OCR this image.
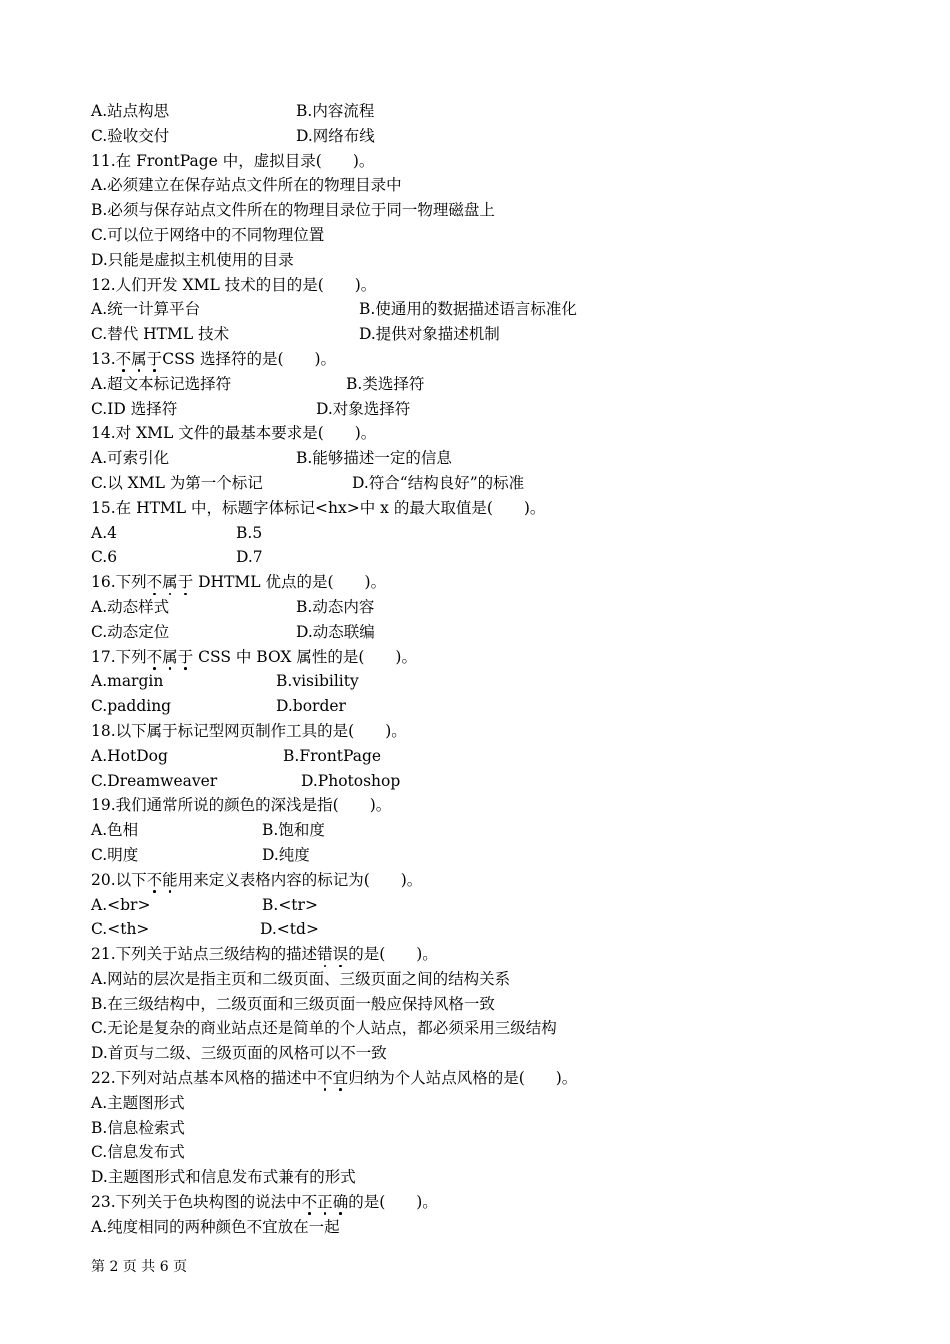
A.站点构思	B.内容流程
C.验收交付	D.网络布线
11.在 FrontPage 中，虚拟目录(　　)。
A.必须建立在保存站点文件所在的物理目录中
B.必须与保存站点文件所在的物理目录位于同一物理磁盘上
C.可以位于网络中的不同物理位置
D.只能是虚拟主机使用的目录
12.人们开发 XML 技术的目的是(　　)。
A.统一计算平台	B.使通用的数据描述语言标准化
C.替代 HTML 技术	D.提供对象描述机制
13.不
属
于
CSS 选择符的是(　　)。
A.超文本标记选择符	B.类选择符
C.ID 选择符	D.对象选择符
14.对 XML 文件的最基本要求是(　　)。
A.可索引化	B.能够描述一定的信息
C.以 XML 为第一个标记	D.符合“结构良好”的标准
15.在 HTML 中，标题字体标记<hx>中 x 的最大取值是(　　)。
A.4	B.5
C.6	D.7
16.下列不
属
于
DHTML 优点的是(　　)。
A.动态样式	B.动态内容
C.动态定位	D.动态联编
17.下列不
属
于
CSS 中 BOX 属性的是(　　)。
A.margin	B.visibility
C.padding	D.border
18.以下属于标记型网页制作工具的是(　　)。
A.HotDog	B.FrontPage
C.Dreamweaver	D.Photoshop
19.我们通常所说的颜色的深浅是指(　　)。
A.色相	B.饱和度
C.明度	D.纯度
20.以下不
能
用来定义表格内容的标记为(　　)。
A.<br>	B.<tr>
C.<th>	D.<td>
21.下列关于站点三级结构的描述错
误
的是(　　)。
A.网站的层次是指主页和二级页面、三级页面之间的结构关系
B.在三级结构中，二级页面和三级页面一般应保持风格一致
C.无论是复杂的商业站点还是简单的个人站点，都必须采用三级结构
D.首页与二级、三级页面的风格可以不一致
22.下列对站点基本风格的描述中不
宜
归纳为个人站点风格的是(　　)。
A.主题图形式
B.信息检索式
C.信息发布式
D.主题图形式和信息发布式兼有的形式
23.下列关于色块构图的说法中不
正
确
的是(　　)。
A.纯度相同的两种颜色不宜放在一起
第 2 页 共 6 页
